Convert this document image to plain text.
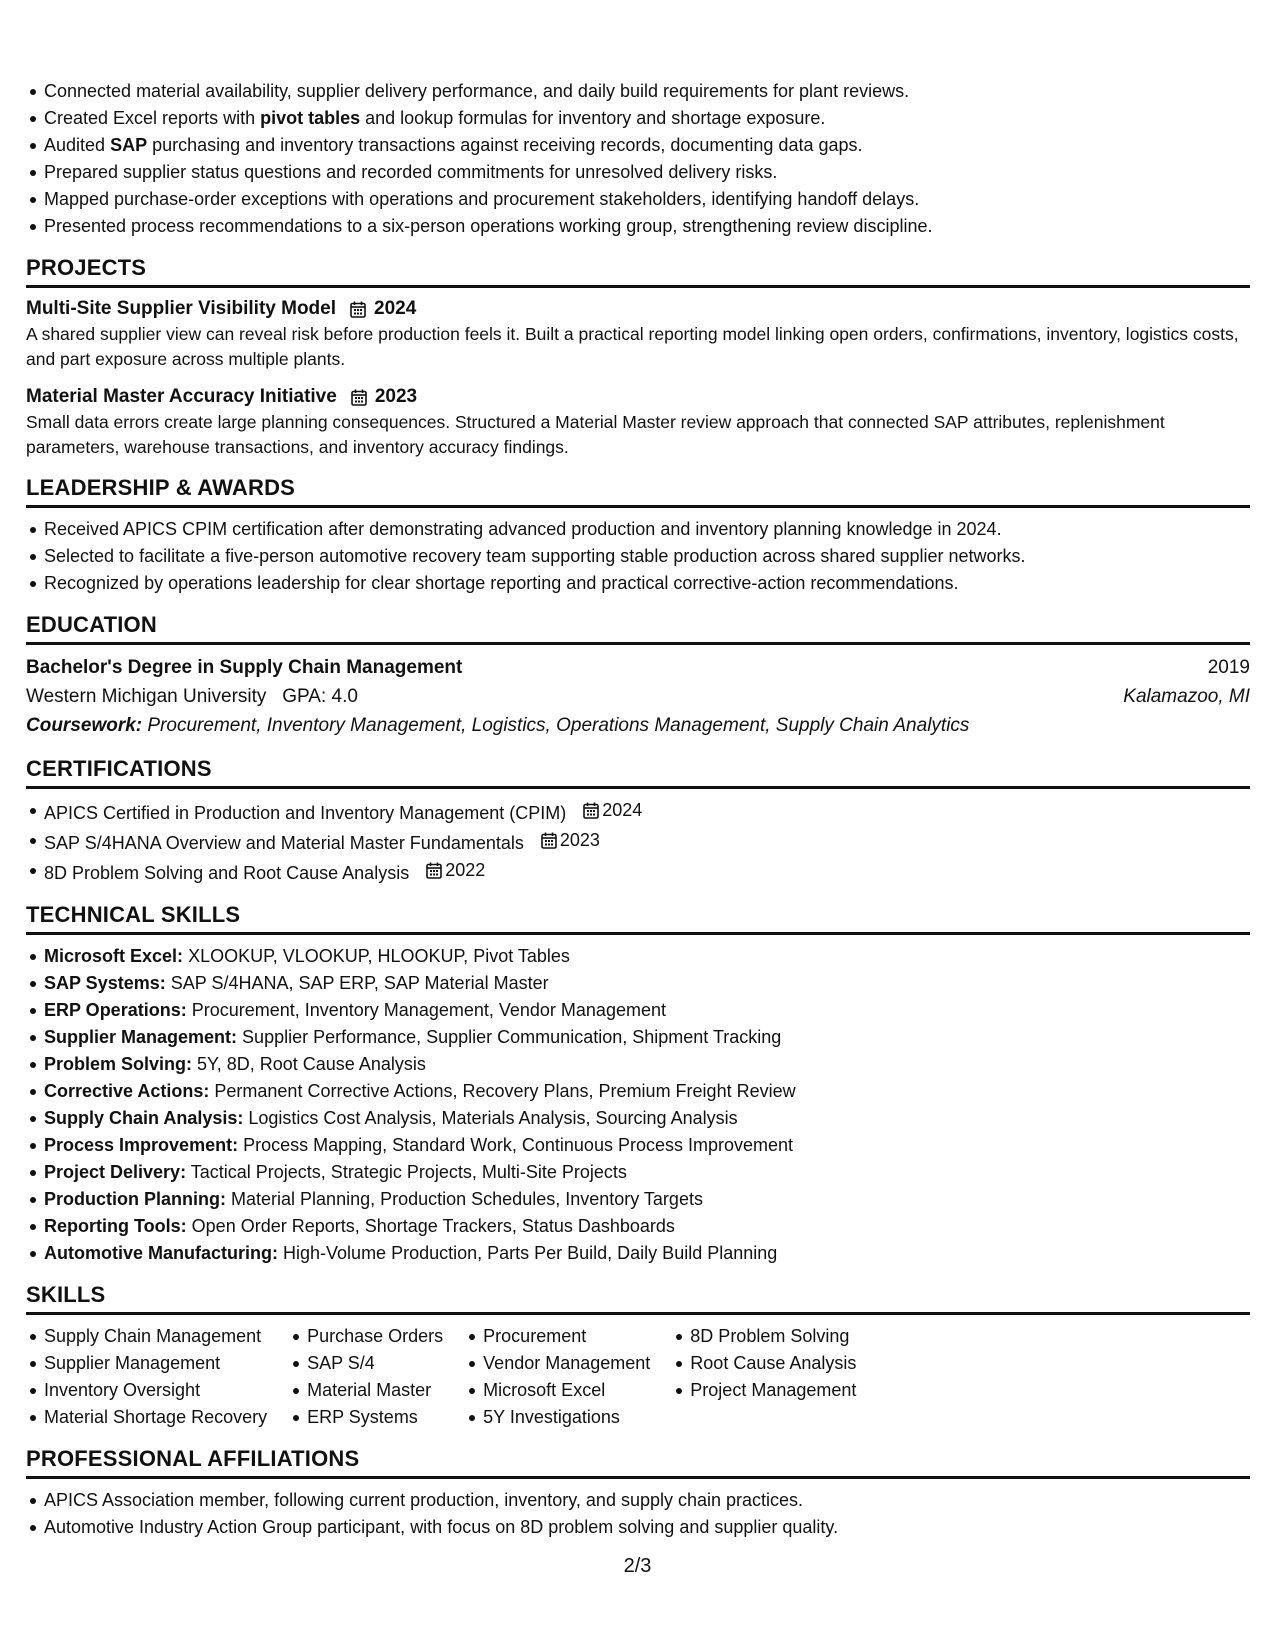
Connected material availability, supplier delivery performance, and daily build requirements for plant reviews.
Created Excel reports with pivot tables and lookup formulas for inventory and shortage exposure.
Audited SAP purchasing and inventory transactions against receiving records, documenting data gaps.
Prepared supplier status questions and recorded commitments for unresolved delivery risks.
Mapped purchase-order exceptions with operations and procurement stakeholders, identifying handoff delays.
Presented process recommendations to a six-person operations working group, strengthening review discipline.
PROJECTS
Multi-Site Supplier Visibility Model 2024
A shared supplier view can reveal risk before production feels it. Built a practical reporting model linking open orders, confirmations, inventory, logistics costs, and part exposure across multiple plants.
Material Master Accuracy Initiative 2023
Small data errors create large planning consequences. Structured a Material Master review approach that connected SAP attributes, replenishment parameters, warehouse transactions, and inventory accuracy findings.
LEADERSHIP & AWARDS
Received APICS CPIM certification after demonstrating advanced production and inventory planning knowledge in 2024.
Selected to facilitate a five-person automotive recovery team supporting stable production across shared supplier networks.
Recognized by operations leadership for clear shortage reporting and practical corrective-action recommendations.
EDUCATION
Bachelor's Degree in Supply Chain Management	2019
Western Michigan University GPA: 4.0	Kalamazoo, MI
Coursework: Procurement, Inventory Management, Logistics, Operations Management, Supply Chain Analytics
CERTIFICATIONS
APICS Certified in Production and Inventory Management (CPIM) 2024
SAP S/4HANA Overview and Material Master Fundamentals 2023
8D Problem Solving and Root Cause Analysis 2022
TECHNICAL SKILLS
Microsoft Excel: XLOOKUP, VLOOKUP, HLOOKUP, Pivot Tables
SAP Systems: SAP S/4HANA, SAP ERP, SAP Material Master
ERP Operations: Procurement, Inventory Management, Vendor Management
Supplier Management: Supplier Performance, Supplier Communication, Shipment Tracking
Problem Solving: 5Y, 8D, Root Cause Analysis
Corrective Actions: Permanent Corrective Actions, Recovery Plans, Premium Freight Review
Supply Chain Analysis: Logistics Cost Analysis, Materials Analysis, Sourcing Analysis
Process Improvement: Process Mapping, Standard Work, Continuous Process Improvement
Project Delivery: Tactical Projects, Strategic Projects, Multi-Site Projects
Production Planning: Material Planning, Production Schedules, Inventory Targets
Reporting Tools: Open Order Reports, Shortage Trackers, Status Dashboards
Automotive Manufacturing: High-Volume Production, Parts Per Build, Daily Build Planning
SKILLS
Supply Chain Management
Supplier Management
Inventory Oversight
Material Shortage Recovery
Purchase Orders
SAP S/4
Material Master
ERP Systems
Procurement
Vendor Management
Microsoft Excel
5Y Investigations
8D Problem Solving
Root Cause Analysis
Project Management
PROFESSIONAL AFFILIATIONS
APICS Association member, following current production, inventory, and supply chain practices.
Automotive Industry Action Group participant, with focus on 8D problem solving and supplier quality.
2/3
